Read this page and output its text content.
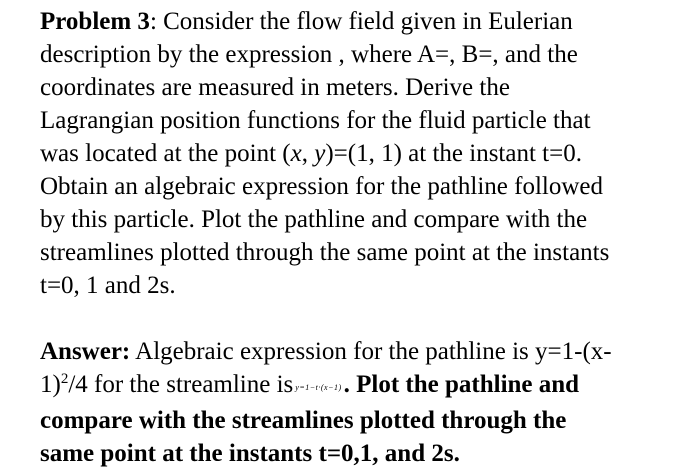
Problem 3: Consider the flow field given in Eulerian
description by the expression , where A=, B=, and the
coordinates are measured in meters. Derive the
Lagrangian position functions for the fluid particle that
was located at the point (x, y)=(1, 1) at the instant t=0.
Obtain an algebraic expression for the pathline followed
by this particle. Plot the pathline and compare with the
streamlines plotted through the same point at the instants
t=0, 1 and 2s.

Answer: Algebraic expression for the pathline is y=1-(x-
1)$^2$/4 for the streamline is y=1−t·(x−1). Plot the pathline and
compare with the streamlines plotted through the
same point at the instants t=0,1, and 2s.
